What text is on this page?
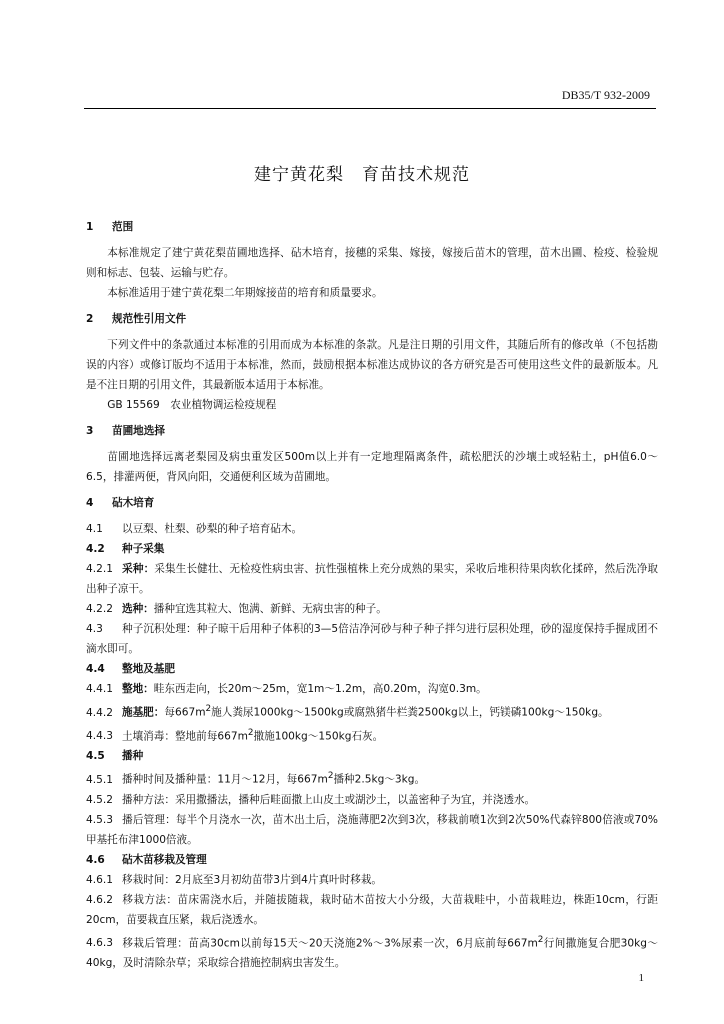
DB35/T 932-2009
建宁黄花梨　育苗技术规范

1 范围

本标准规定了建宁黄花梨苗圃地选择、砧木培育，接穗的采集、嫁接，嫁接后苗木的管理，苗木出圃、检疫、检验规则和标志、包装、运输与贮存。

本标准适用于建宁黄花梨二年期嫁接苗的培育和质量要求。

2 规范性引用文件

下列文件中的条款通过本标准的引用而成为本标准的条款。凡是注日期的引用文件，其随后所有的修改单（不包括勘误的内容）或修订版均不适用于本标准，然而，鼓励根据本标准达成协议的各方研究是否可使用这些文件的最新版本。凡是不注日期的引用文件，其最新版本适用于本标准。

GB 15569　农业植物调运检疫规程

3 苗圃地选择

苗圃地选择远离老梨园及病虫重发区500m以上并有一定地理隔离条件，疏松肥沃的沙壤土或轻粘土，pH值6.0～6.5，排灌两便，背风向阳，交通便利区域为苗圃地。

4 砧木培育

4.1 以豆梨、杜梨、砂梨的种子培育砧木。

4.2 种子采集

4.2.1 采种：采集生长健壮、无检疫性病虫害、抗性强植株上充分成熟的果实，采收后堆积待果肉软化揉碎，然后洗净取出种子凉干。

4.2.2 选种：播种宜选其粒大、饱满、新鲜、无病虫害的种子。

4.3 种子沉积处理：种子晾干后用种子体积的3—5倍洁净河砂与种子种子拌匀进行层积处理，砂的湿度保持手握成团不滴水即可。

4.4 整地及基肥

4.4.1 整地：畦东西走向，长20m～25m，宽1m～1.2m，高0.20m，沟宽0.3m。

4.4.2 施基肥：每$667m^2$施人粪尿1000kg～1500kg或腐熟猪牛栏粪2500kg以上，钙镁磷100kg～150kg。

4.4.3 土壤消毒：整地前每$667m^2$撒施100kg～150kg石灰。

4.5 播种

4.5.1 播种时间及播种量：11月～12月，每$667m^2$播种2.5kg～3kg。

4.5.2 播种方法：采用撒播法，播种后畦面撒上山皮土或湖沙土，以盖密种子为宜，并浇透水。

4.5.3 播后管理：每半个月浇水一次，苗木出土后，浇施薄肥2次到3次，移栽前喷1次到2次50%代森锌800倍液或70%甲基托布津1000倍液。

4.6 砧木苗移栽及管理

4.6.1 移栽时间：2月底至3月初幼苗带3片到4片真叶时移栽。

4.6.2 移栽方法：苗床需浇水后，并随拔随栽，栽时砧木苗按大小分级，大苗栽畦中，小苗栽畦边，株距10cm，行距20cm，苗要栽直压紧，栽后浇透水。

4.6.3 移栽后管理：苗高30cm以前每15天～20天浇施2%～3%尿素一次，6月底前每$667m^2$行间撒施复合肥30kg～40kg，及时清除杂草；采取综合措施控制病虫害发生。

1
